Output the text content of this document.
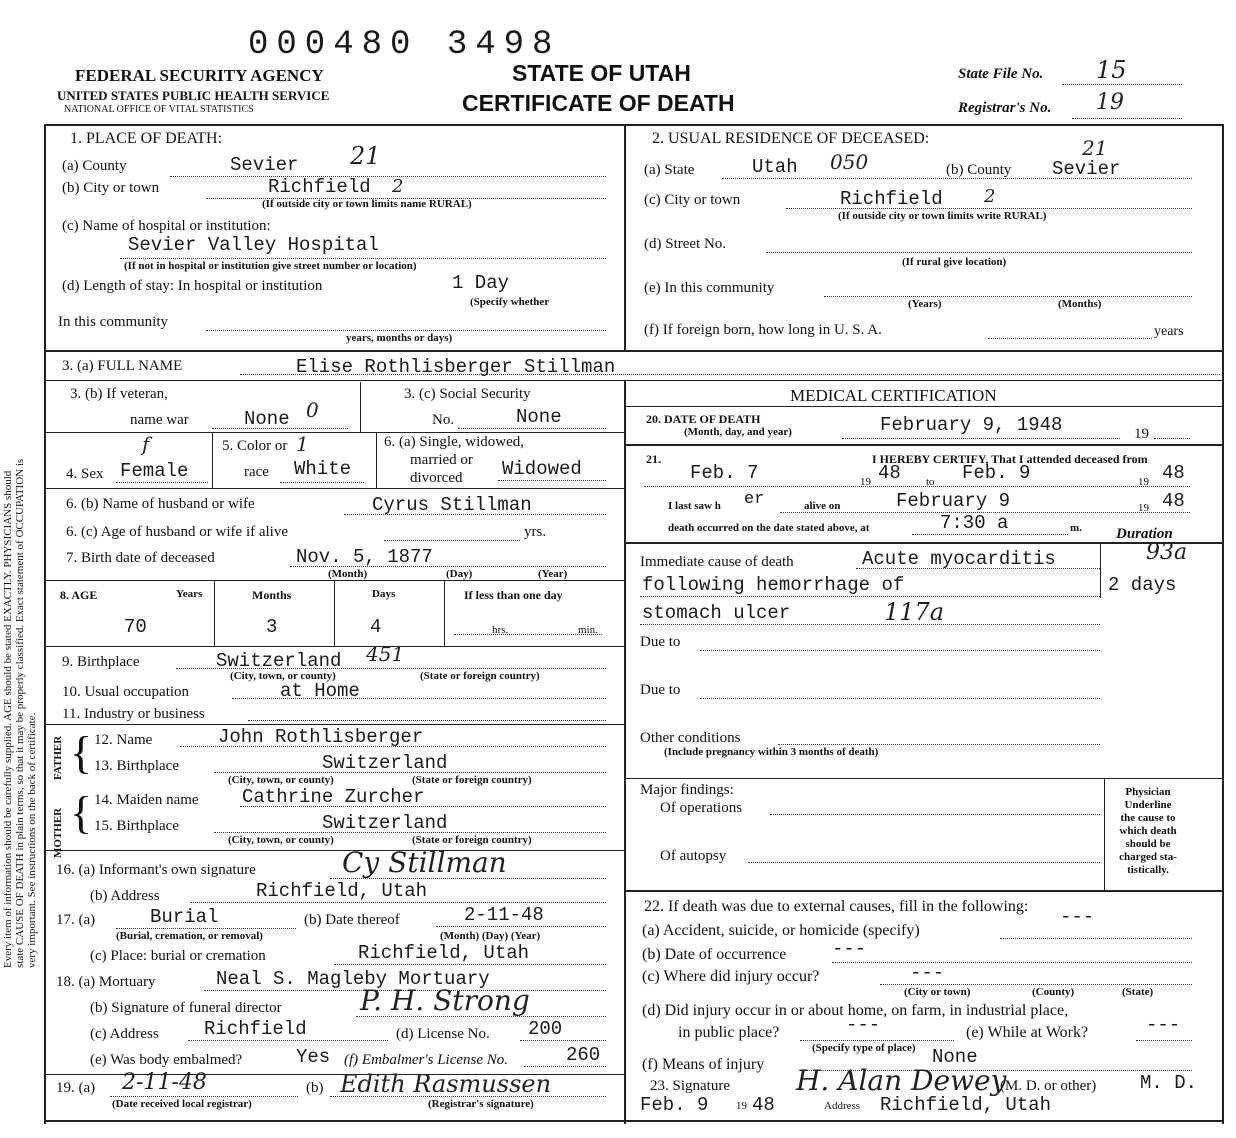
Every item of information should be carefully supplied. AGE should be stated EXACTLY. PHYSICIANS should state CAUSE OF DEATH in plain terms, so that it may be properly classified. Exact statement of OCCUPATION is very important. See instructions on the back of certificate.
000480 3498
FEDERAL SECURITY AGENCY
UNITED STATES PUBLIC HEALTH SERVICE
NATIONAL OFFICE OF VITAL STATISTICS
STATE OF UTAH
CERTIFICATE OF DEATH
State File No. 15
Registrar's No. 19
1. PLACE OF DEATH:
(a) County	Sevier 21
(b) City or town	Richfield 2
(If outside city or town limits name RURAL)
(c) Name of hospital or institution:
Sevier Valley Hospital
(If not in hospital or institution give street number or location)
(d) Length of stay: In hospital or institution	1 Day
(Specify whether
In this community
years, months or days)
2. USUAL RESIDENCE OF DECEASED:
(a) State	Utah 050	(b) County Sevier
21
(c) City or town	Richfield 2
(If outside city or town limits write RURAL)
(d) Street No.
(If rural give location)
(e) In this community
(Years)	(Months)
(f) If foreign born, how long in U. S. A.	years
3. (a) FULL NAME	Elise Rothlisberger Stillman
3. (b) If veteran,
name war	None 0
3. (c) Social Security
No.	None
f
4. Sex Female
5. Color or 1
race White
6. (a) Single, widowed,
married or
divorced Widowed
6. (b) Name of husband or wife	Cyrus Stillman
6. (c) Age of husband or wife if alive	yrs.
7. Birth date of deceased	Nov. 5, 1877
(Month)	(Day)	(Year)
8. AGE	Years	Months	Days	If less than one day
70	3	4	hrs.	min.
9. Birthplace	Switzerland 451
(City, town, or county)	(State or foreign country)
10. Usual occupation	at Home
11. Industry or business
FATHER
MOTHER
{
{
12. Name	John Rothlisberger
13. Birthplace	Switzerland
(City, town, or county)	(State or foreign country)
14. Maiden name Cathrine Zurcher
15. Birthplace	Switzerland
(City, town, or county)	(State or foreign country)
16. (a) Informant's own signature	Cy Stillman
(b) Address	Richfield, Utah
17. (a)	Burial
(Burial, cremation, or removal)
(b) Date thereof	2-11-48
(Month) (Day) (Year)
(c) Place: burial or cremation	Richfield, Utah
18. (a) Mortuary	Neal S. Magleby Mortuary
(b) Signature of funeral director	P. H. Strong
(c) Address Richfield	(d) License No. 200
(e) Was body embalmed?	Yes (f) Embalmer's License No.	260
19. (a) 2-11-48
(Date received local registrar)
(b) Edith Rasmussen
(Registrar's signature)
MEDICAL CERTIFICATION
20. DATE OF DEATH
(Month, day, and year)	February 9, 1948	19
21.	I HEREBY CERTIFY, That I attended deceased from
Feb. 7	19 48 to Feb. 9	19 48
I last saw h er	alive on	February 9	19 48
death occurred on the date stated above, at	7:30 a	m. Duration
Immediate cause of death	Acute myocarditis	93a
following hemorrhage of	2 days
stomach ulcer	117a
Due to
Due to
Other conditions
(Include pregnancy within 3 months of death)
Major findings:
Of operations
Of autopsy
Physician
Underline
the cause to
which death
should be
charged sta-
tistically.
22. If death was due to external causes, fill in the following:
(a) Accident, suicide, or homicide (specify)
---
(b) Date of occurrence ---
(c) Where did injury occur?	---
(City or town)	(County)	(State)
(d) Did injury occur in or about home, on farm, in industrial place,
in public place?	---
(Specify type of place)
(e) While at Work?	---
(f) Means of injury	None
23. Signature H. Alan Dewey
(M. D. or other) M. D.
Feb. 9	19 48	Address Richfield, Utah
